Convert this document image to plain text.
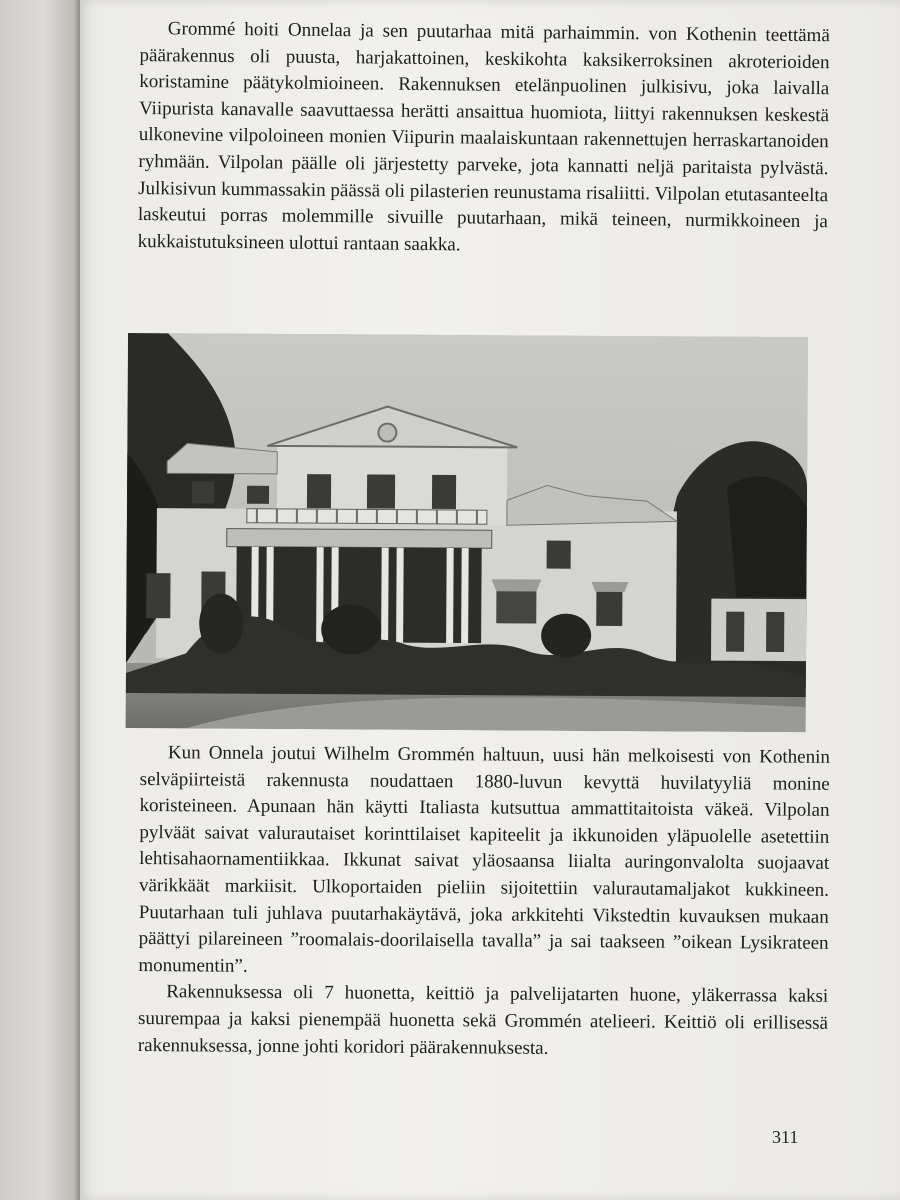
Grommé hoiti Onnelaa ja sen puutarhaa mitä parhaimmin. von Kothenin teettämä päärakennus oli puusta, harjakattoinen, keskikohta kaksikerroksinen akroterioiden koristamine päätykolmioineen. Rakennuksen etelänpuolinen julkisivu, joka laivalla Viipurista kanavalle saavuttaessa herätti ansaittua huomiota, liittyi rakennuksen keskestä ulkonevine vilpoloineen monien Viipurin maalaiskuntaan rakennettujen herraskartanoiden ryhmään. Vilpolan päälle oli järjestetty parveke, jota kannatti neljä paritaista pylvästä. Julkisivun kummassakin päässä oli pilasterien reunustama risaliitti. Vilpolan etutasanteelta laskeutui porras molemmille sivuille puutarhaan, mikä teineen, nurmikkoineen ja kukkaistutuksineen ulottui rantaan saakka.

Kun Onnela joutui Wilhelm Grommén haltuun, uusi hän melkoisesti von Kothenin selväpiirteistä rakennusta noudattaen 1880-luvun kevyttä huvilatyyliä monine koristeineen. Apunaan hän käytti Italiasta kutsuttua ammattitaitoista väkeä. Vilpolan pylväät saivat valurautaiset korinttilaiset kapiteelit ja ikkunoiden yläpuolelle asetettiin lehtisahaornamentiikkaa. Ikkunat saivat yläosaansa liialta auringonvalolta suojaavat värikkäät markiisit. Ulkoportaiden pieliin sijoitettiin valurautamaljakot kukkineen. Puutarhaan tuli juhlava puutarhakäytävä, joka arkkitehti Vikstedtin kuvauksen mukaan päättyi pilareineen ”roomalais-doorilaisella tavalla” ja sai taakseen ”oikean Lysikrateen monumentin”.

Rakennuksessa oli 7 huonetta, keittiö ja palvelijatarten huone, yläkerrassa kaksi suurempaa ja kaksi pienempää huonetta sekä Grommén atelieeri. Keittiö oli erillisessä rakennuksessa, jonne johti koridori päärakennuksesta.

311
